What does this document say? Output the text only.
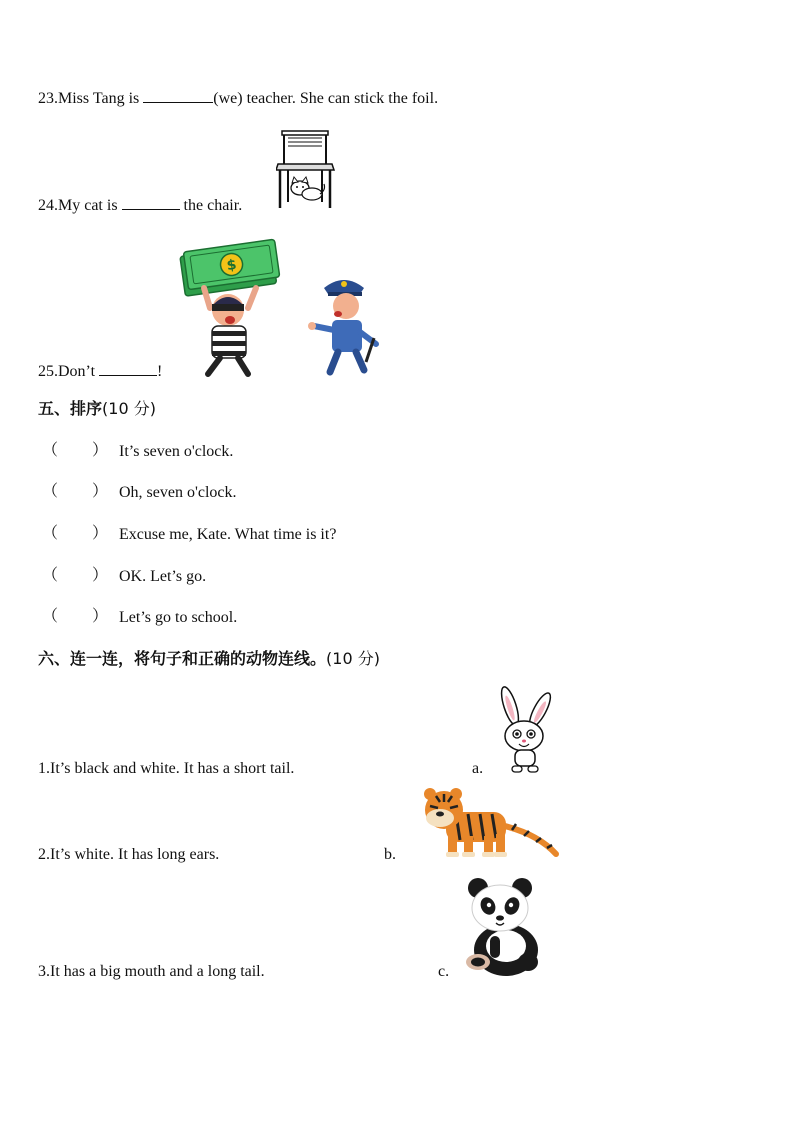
23.Miss Tang is	(we) teacher. She can stick the foil.
24.My cat is	the chair.
$
25.Don’t	!
五、排序(10 分)
（ ） It’s seven o'clock.
（ ） Oh, seven o'clock.
（ ） Excuse me, Kate. What time is it?
（ ） OK. Let’s go.
（ ） Let’s go to school.
六、连一连，将句子和正确的动物连线。(10 分)
1.It’s black and white. It has a short tail.	a.
2.It’s white. It has long ears.	b.
3.It has a big mouth and a long tail.	c.
